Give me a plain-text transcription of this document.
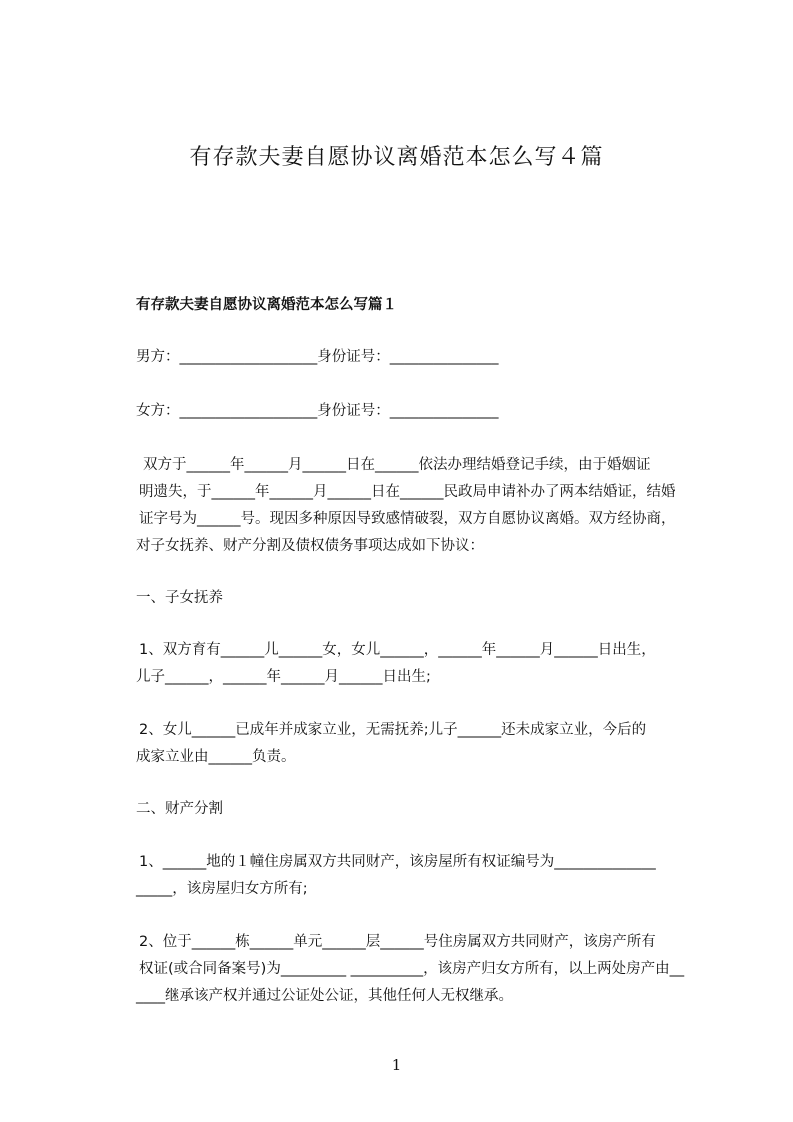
有存款夫妻自愿协议离婚范本怎么写４篇
有存款夫妻自愿协议离婚范本怎么写篇１
男方：___________________身份证号：_______________
女方：___________________身份证号：_______________
双方于______年______月______日在______依法办理结婚登记手续，由于婚姻证
明遗失，于______年______月______日在______民政局申请补办了两本结婚证，结婚
证字号为______号。现因多种原因导致感情破裂，双方自愿协议离婚。双方经协商，
对子女抚养、财产分割及债权债务事项达成如下协议：
一、子女抚养
1、双方育有______儿______女，女儿______，______年______月______日出生，
儿子______，______年______月______日出生;
2、女儿______已成年并成家立业，无需抚养;儿子______还未成家立业，今后的
成家立业由______负责。
二、财产分割
1、______地的１幢住房属双方共同财产，该房屋所有权证编号为______________
_____，该房屋归女方所有;
2、位于______栋______单元______层______号住房属双方共同财产，该房产所有
权证(或合同备案号)为_________ __________，该房产归女方所有，以上两处房产由__
____继承该产权并通过公证处公证，其他任何人无权继承。
1
